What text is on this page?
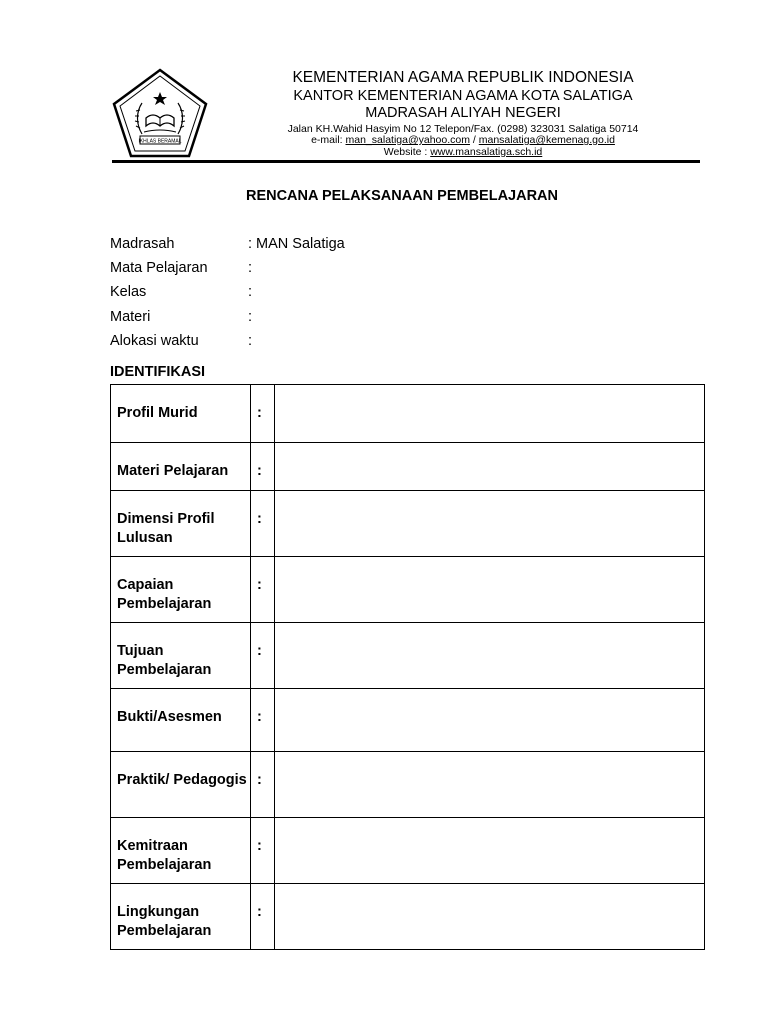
IKHLAS BERAMAL
KEMENTERIAN AGAMA REPUBLIK INDONESIA
KANTOR KEMENTERIAN AGAMA KOTA SALATIGA
MADRASAH ALIYAH NEGERI
Jalan KH.Wahid Hasyim No 12 Telepon/Fax. (0298) 323031 Salatiga 50714
e-mail: man_salatiga@yahoo.com / mansalatiga@kemenag.go.id
Website : www.mansalatiga.sch.id
RENCANA PELAKSANAAN PEMBELAJARAN
Madrasah	: MAN Salatiga
Mata Pelajaran	:
Kelas	:
Materi	:
Alokasi waktu	:
IDENTIFIKASI
Profil Murid	:	
Materi Pelajaran	:	
Dimensi Profil Lulusan	:	
Capaian Pembelajaran	:	
Tujuan Pembelajaran	:	
Bukti/Asesmen	:	
Praktik/ Pedagogis	:	
Kemitraan Pembelajaran	:	
Lingkungan Pembelajaran	:	
